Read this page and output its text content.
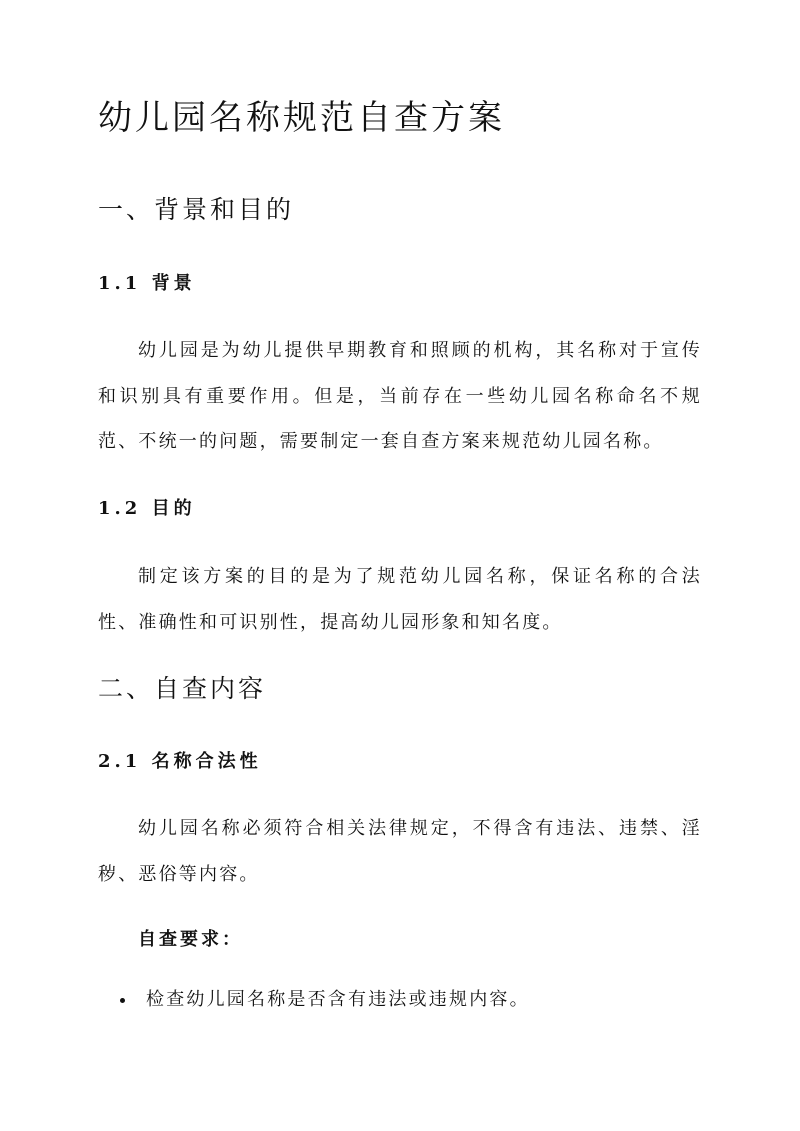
幼儿园名称规范自查方案
一、背景和目的
1.1 背景

幼儿园是为幼儿提供早期教育和照顾的机构，其名称对于宣传和识别具有重要作用。但是，当前存在一些幼儿园名称命名不规范、不统一的问题，需要制定一套自查方案来规范幼儿园名称。

1.2 目的

制定该方案的目的是为了规范幼儿园名称，保证名称的合法性、准确性和可识别性，提高幼儿园形象和知名度。

二、自查内容
2.1 名称合法性

幼儿园名称必须符合相关法律规定，不得含有违法、违禁、淫秽、恶俗等内容。

自查要求：
检查幼儿园名称是否含有违法或违规内容。
